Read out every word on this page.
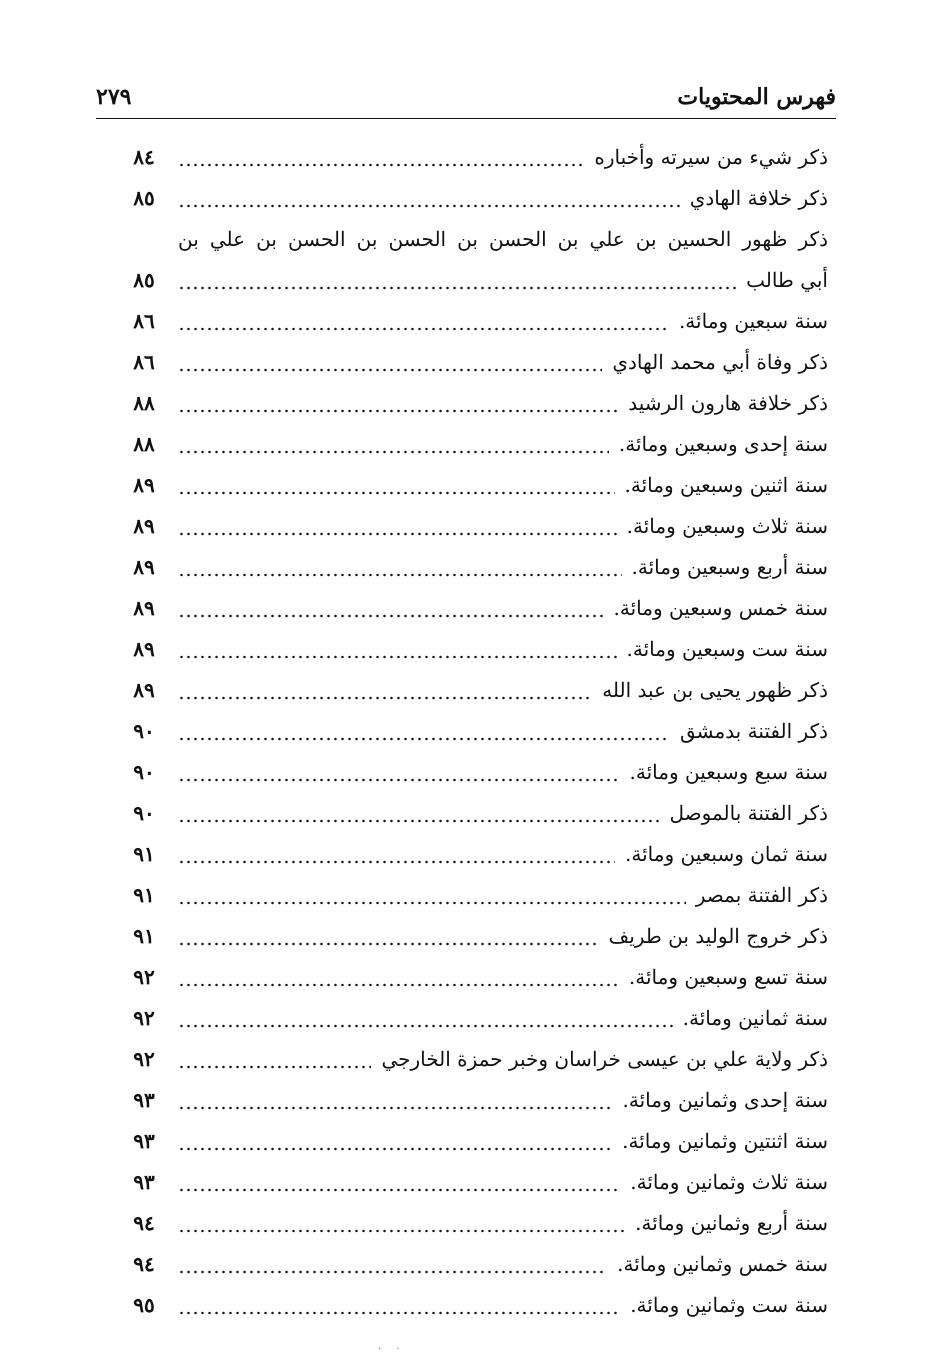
فهرس المحتويات
٢٧٩
ذكر شيء من سيرته وأخباره
٨٤
ذكر خلافة الهادي
٨٥
ذكر ظهور الحسين بن علي بن الحسن بن الحسن بن الحسن بن علي بن
أبي طالب
٨٥
سنة سبعين ومائة.
٨٦
ذكر وفاة أبي محمد الهادي
٨٦
ذكر خلافة هارون الرشيد
٨٨
سنة إحدى وسبعين ومائة.
٨٨
سنة اثنين وسبعين ومائة.
٨٩
سنة ثلاث وسبعين ومائة.
٨٩
سنة أربع وسبعين ومائة.
٨٩
سنة خمس وسبعين ومائة.
٨٩
سنة ست وسبعين ومائة.
٨٩
ذكر ظهور يحيى بن عبد الله
٨٩
ذكر الفتنة بدمشق
٩٠
سنة سبع وسبعين ومائة.
٩٠
ذكر الفتنة بالموصل
٩٠
سنة ثمان وسبعين ومائة.
٩١
ذكر الفتنة بمصر
٩١
ذكر خروج الوليد بن طريف
٩١
سنة تسع وسبعين ومائة.
٩٢
سنة ثمانين ومائة.
٩٢
ذكر ولاية علي بن عيسى خراسان وخبر حمزة الخارجي
٩٢
سنة إحدى وثمانين ومائة.
٩٣
سنة اثنتين وثمانين ومائة.
٩٣
سنة ثلاث وثمانين ومائة.
٩٣
سنة أربع وثمانين ومائة.
٩٤
سنة خمس وثمانين ومائة.
٩٤
سنة ست وثمانين ومائة.
٩٥
· ·
